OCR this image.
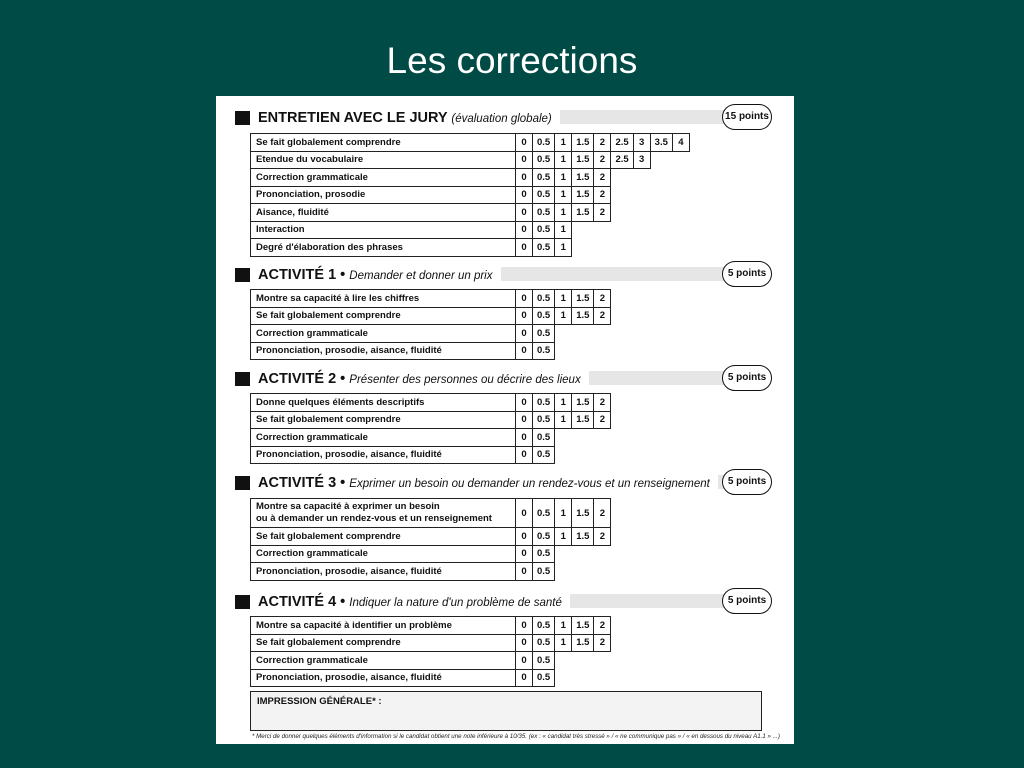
Les corrections
ENTRETIEN AVEC LE JURY (évaluation globale)	15 points
Se fait globalement comprendre	0	0.5	1	1.5	2	2.5	3	3.5	4
Etendue du vocabulaire	0	0.5	1	1.5	2	2.5	3		
Correction grammaticale	0	0.5	1	1.5	2				
Prononciation, prosodie	0	0.5	1	1.5	2				
Aisance, fluidité	0	0.5	1	1.5	2				
Interaction	0	0.5	1						
Degré d'élaboration des phrases	0	0.5	1						
ACTIVITÉ 1 • Demander et donner un prix	5 points
Montre sa capacité à lire les chiffres	0	0.5	1	1.5	2
Se fait globalement comprendre	0	0.5	1	1.5	2
Correction grammaticale	0	0.5			
Prononciation, prosodie, aisance, fluidité	0	0.5			
ACTIVITÉ 2 • Présenter des personnes ou décrire des lieux	5 points
Donne quelques éléments descriptifs	0	0.5	1	1.5	2
Se fait globalement comprendre	0	0.5	1	1.5	2
Correction grammaticale	0	0.5			
Prononciation, prosodie, aisance, fluidité	0	0.5			
ACTIVITÉ 3 • Exprimer un besoin ou demander un rendez-vous et un renseignement	5 points
Montre sa capacité à exprimer un besoin
ou à demander un rendez-vous et un renseignement	0	0.5	1	1.5	2
Se fait globalement comprendre	0	0.5	1	1.5	2
Correction grammaticale	0	0.5			
Prononciation, prosodie, aisance, fluidité	0	0.5			
ACTIVITÉ 4 • Indiquer la nature d'un problème de santé	5 points
Montre sa capacité à identifier un problème	0	0.5	1	1.5	2
Se fait globalement comprendre	0	0.5	1	1.5	2
Correction grammaticale	0	0.5			
Prononciation, prosodie, aisance, fluidité	0	0.5			
IMPRESSION GÉNÉRALE* :
* Merci de donner quelques éléments d'information si le candidat obtient une note inférieure à 10/35. (ex : « candidat très stressé » / « ne communique pas » / « en dessous du niveau A1.1 » ...)
